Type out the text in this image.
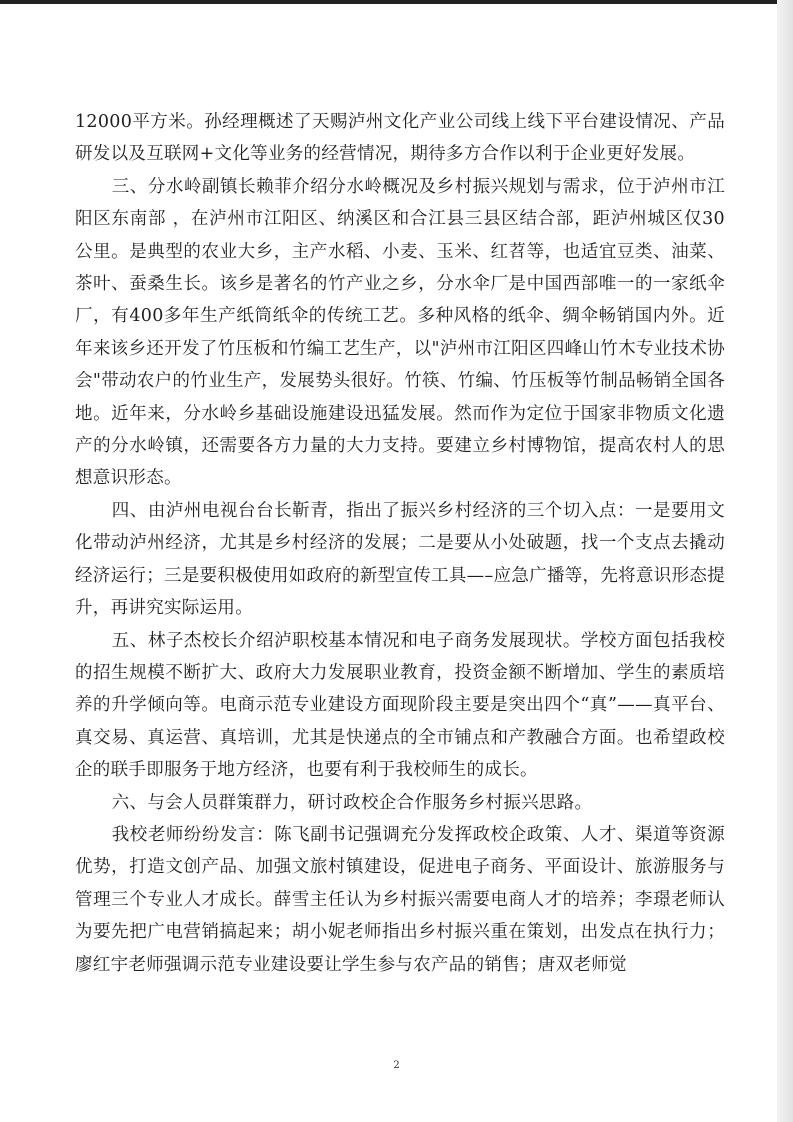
12000平方米。孙经理概述了天赐泸州文化产业公司线上线下平台建设情况、产品研发以及互联网+文化等业务的经营情况，期待多方合作以利于企业更好发展。

三、分水岭副镇长赖菲介绍分水岭概况及乡村振兴规划与需求，位于泸州市江阳区东南部 ，在泸州市江阳区、纳溪区和合江县三县区结合部，距泸州城区仅30公里。是典型的农业大乡，主产水稻、小麦、玉米、红苕等，也适宜豆类、油菜、茶叶、蚕桑生长。该乡是著名的竹产业之乡，分水伞厂是中国西部唯一的一家纸伞厂，有400多年生产纸筒纸伞的传统工艺。多种风格的纸伞、绸伞畅销国内外。近年来该乡还开发了竹压板和竹编工艺生产，以"泸州市江阳区四峰山竹木专业技术协会"带动农户的竹业生产，发展势头很好。竹筷、竹编、竹压板等竹制品畅销全国各地。近年来，分水岭乡基础设施建设迅猛发展。然而作为定位于国家非物质文化遗产的分水岭镇，还需要各方力量的大力支持。要建立乡村博物馆，提高农村人的思想意识形态。

四、由泸州电视台台长靳青，指出了振兴乡村经济的三个切入点：一是要用文化带动泸州经济，尤其是乡村经济的发展；二是要从小处破题，找一个支点去撬动经济运行；三是要积极使用如政府的新型宣传工具—–应急广播等，先将意识形态提升，再讲究实际运用。

五、林子杰校长介绍泸职校基本情况和电子商务发展现状。学校方面包括我校的招生规模不断扩大、政府大力发展职业教育，投资金额不断增加、学生的素质培养的升学倾向等。电商示范专业建设方面现阶段主要是突出四个“真”——真平台、真交易、真运营、真培训，尤其是快递点的全市铺点和产教融合方面。也希望政校企的联手即服务于地方经济，也要有利于我校师生的成长。

六、与会人员群策群力，研讨政校企合作服务乡村振兴思路。

我校老师纷纷发言：陈飞副书记强调充分发挥政校企政策、人才、渠道等资源优势，打造文创产品、加强文旅村镇建设，促进电子商务、平面设计、旅游服务与管理三个专业人才成长。薛雪主任认为乡村振兴需要电商人才的培养；李璟老师认为要先把广电营销搞起来；胡小妮老师指出乡村振兴重在策划，出发点在执行力；廖红宇老师强调示范专业建设要让学生参与农产品的销售；唐双老师觉

2
